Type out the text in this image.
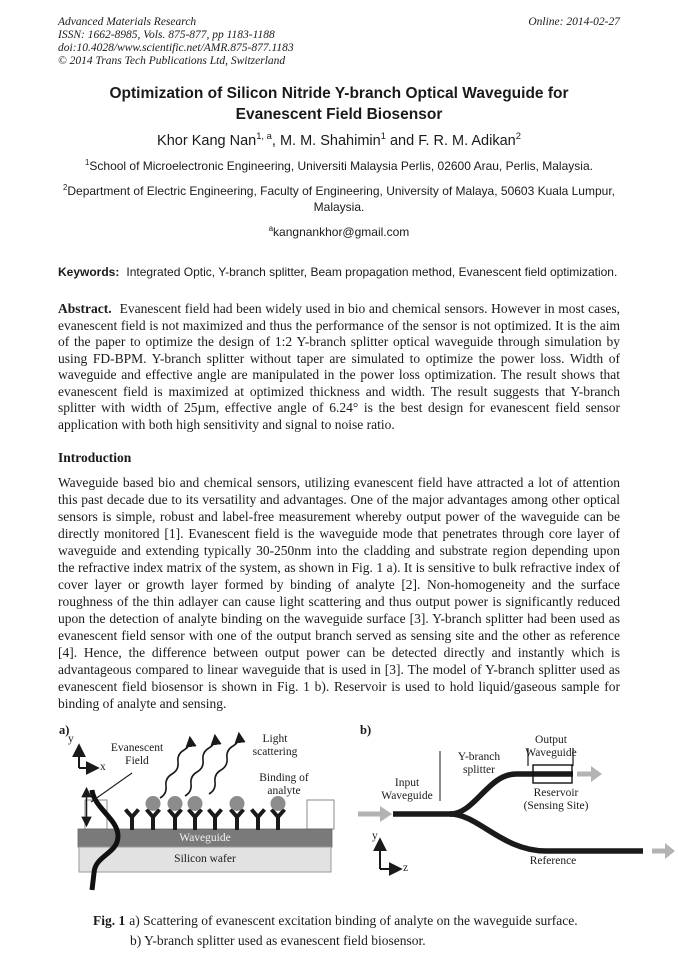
Advanced Materials Research
ISSN: 1662-8985, Vols. 875-877, pp 1183-1188
doi:10.4028/www.scientific.net/AMR.875-877.1183
© 2014 Trans Tech Publications Ltd, Switzerland
Online: 2014-02-27
Optimization of Silicon Nitride Y-branch Optical Waveguide for Evanescent Field Biosensor
Khor Kang Nan$^{1, a}$, M. M. Shahimin$^1$ and F. R. M. Adikan$^2$
$^1$School of Microelectronic Engineering, Universiti Malaysia Perlis, 02600 Arau, Perlis, Malaysia.
$^2$Department of Electric Engineering, Faculty of Engineering, University of Malaya, 50603 Kuala Lumpur, Malaysia.
$^a$kangnankhor@gmail.com
Keywords: Integrated Optic, Y-branch splitter, Beam propagation method, Evanescent field optimization.
Abstract. Evanescent field had been widely used in bio and chemical sensors. However in most cases, evanescent field is not maximized and thus the performance of the sensor is not optimized. It is the aim of the paper to optimize the design of 1:2 Y-branch splitter optical waveguide through simulation by using FD-BPM. Y-branch splitter without taper are simulated to optimize the power loss. Width of waveguide and effective angle are manipulated in the power loss optimization. The result shows that evanescent field is maximized at optimized thickness and width. The result suggests that Y-branch splitter with width of 25µm, effective angle of 6.24° is the best design for evanescent field sensor application with both high sensitivity and signal to noise ratio.
Introduction
Waveguide based bio and chemical sensors, utilizing evanescent field have attracted a lot of attention this past decade due to its versatility and advantages. One of the major advantages among other optical sensors is simple, robust and label-free measurement whereby output power of the waveguide can be directly monitored [1]. Evanescent field is the waveguide mode that penetrates through core layer of waveguide and extending typically 30-250nm into the cladding and substrate region depending upon the refractive index matrix of the system, as shown in Fig. 1 a). It is sensitive to bulk refractive index of cover layer or growth layer formed by binding of analyte [2]. Non-homogeneity and the surface roughness of the thin adlayer can cause light scattering and thus output power is significantly reduced upon the detection of analyte binding on the waveguide surface [3]. Y-branch splitter had been used as evanescent field sensor with one of the output branch served as sensing site and the other as reference [4]. Hence, the difference between output power can be detected directly and instantly which is advantageous compared to linear waveguide that is used in [3]. The model of Y-branch splitter used as evanescent field biosensor is shown in Fig. 1 b). Reservoir is used to hold liquid/gaseous sample for binding of analyte and sensing.
a)
y
x
Evanescent Field
Light scattering
Binding of analyte
Waveguide
Silicon wafer
b)
Input Waveguide
Y-branch splitter
Output Waveguide
Reservoir (Sensing Site)
Reference
y
z
Fig. 1 a) Scattering of evanescent excitation binding of analyte on the waveguide surface.
b) Y-branch splitter used as evanescent field biosensor.
